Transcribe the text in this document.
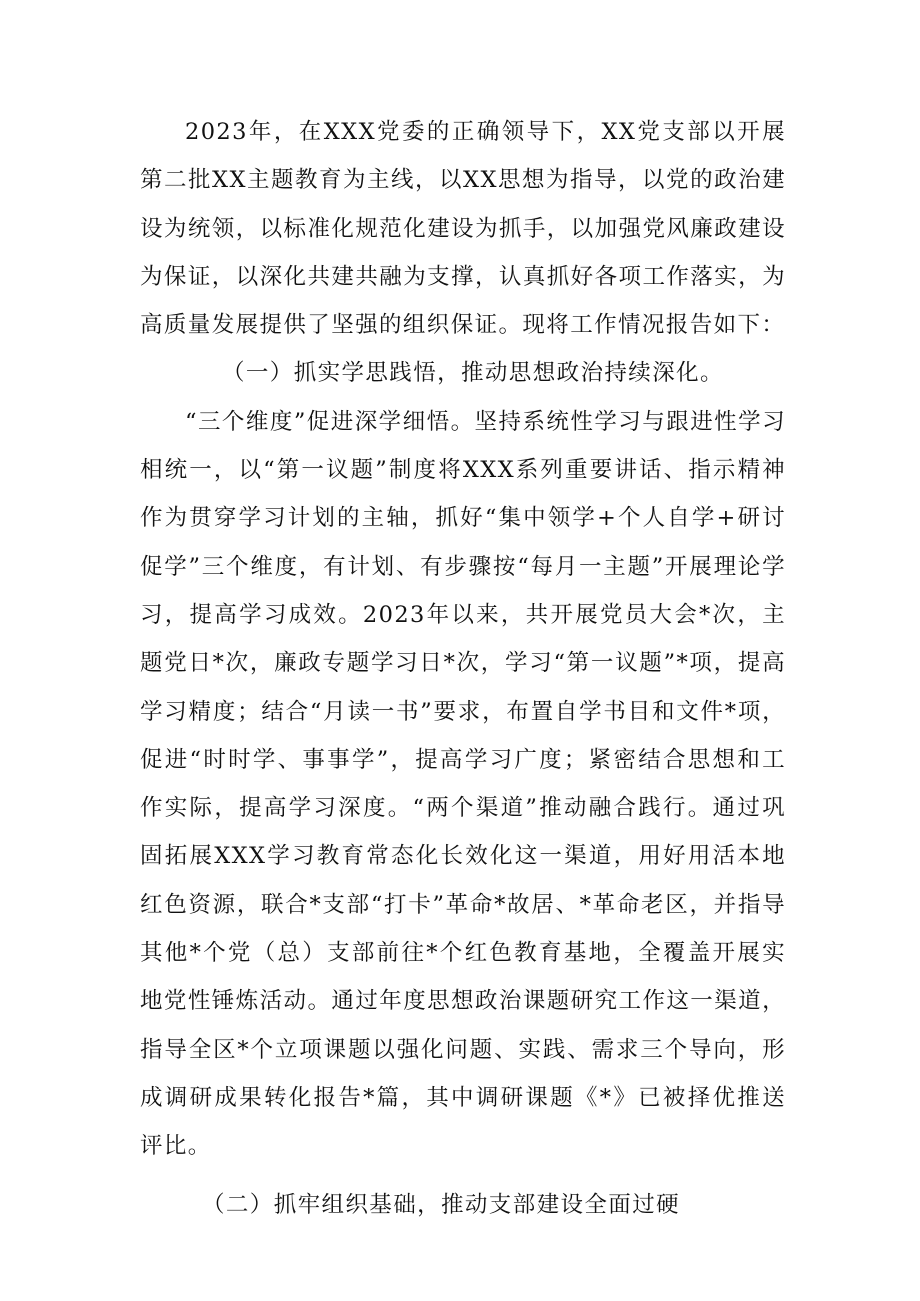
2023年，在XXX党委的正确领导下，XX党支部以开展第二批XX主题教育为主线，以XX思想为指导，以党的政治建设为统领，以标准化规范化建设为抓手，以加强党风廉政建设为保证，以深化共建共融为支撑，认真抓好各项工作落实，为高质量发展提供了坚强的组织保证。现将工作情况报告如下：

（一）抓实学思践悟，推动思想政治持续深化。

“三个维度”促进深学细悟。坚持系统性学习与跟进性学习相统一，以“第一议题”制度将XXX系列重要讲话、指示精神作为贯穿学习计划的主轴，抓好“集中领学+个人自学+研讨促学”三个维度，有计划、有步骤按“每月一主题”开展理论学习，提高学习成效。2023年以来，共开展党员大会*次，主题党日*次，廉政专题学习日*次，学习“第一议题”*项，提高学习精度；结合“月读一书”要求，布置自学书目和文件*项，促进“时时学、事事学”，提高学习广度；紧密结合思想和工作实际，提高学习深度。“两个渠道”推动融合践行。通过巩固拓展XXX学习教育常态化长效化这一渠道，用好用活本地红色资源，联合*支部“打卡”革命*故居、*革命老区，并指导其他*个党（总）支部前往*个红色教育基地，全覆盖开展实地党性锤炼活动。通过年度思想政治课题研究工作这一渠道，指导全区*个立项课题以强化问题、实践、需求三个导向，形成调研成果转化报告*篇，其中调研课题《*》已被择优推送评比。

（二）抓牢组织基础，推动支部建设全面过硬
